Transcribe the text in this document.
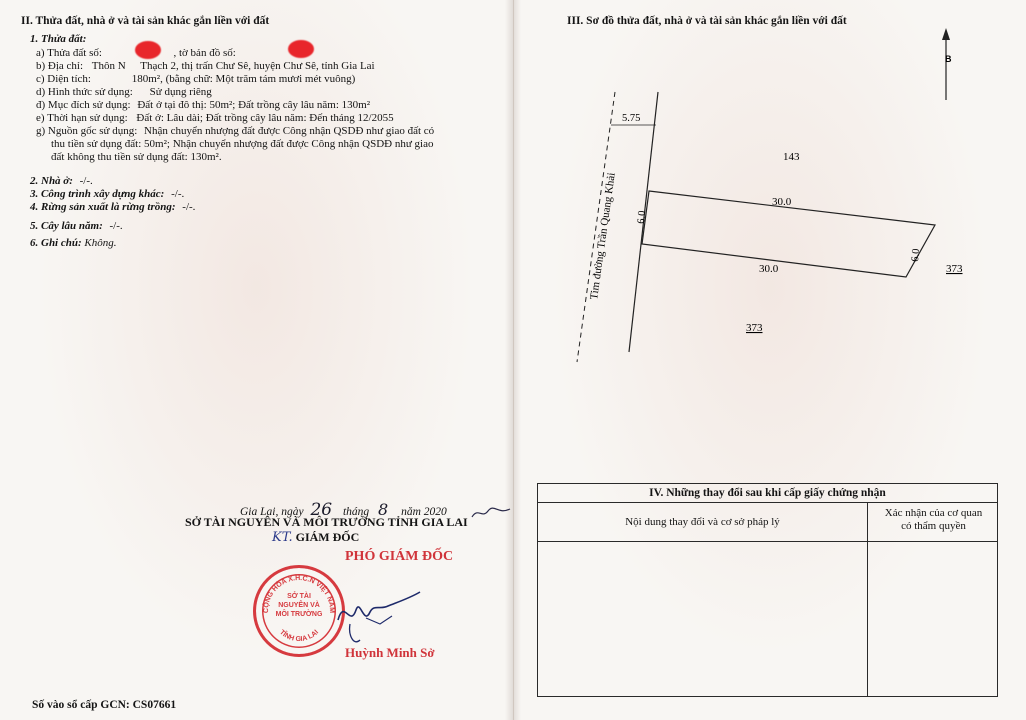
II. Thửa đất, nhà ở và tài sản khác gắn liền với đất
1. Thửa đất:
a) Thửa đất số:	, tờ bản đồ số:
b) Địa chỉ: Thôn N Thạch 2, thị trấn Chư Sê, huyện Chư Sê, tỉnh Gia Lai
c) Diện tích:	180m², (bằng chữ: Một trăm tám mươi mét vuông)
d) Hình thức sử dụng: Sử dụng riêng
đ) Mục đích sử dụng: Đất ở tại đô thị: 50m²; Đất trồng cây lâu năm: 130m²
e) Thời hạn sử dụng: Đất ở: Lâu dài; Đất trồng cây lâu năm: Đến tháng 12/2055
g) Nguồn gốc sử dụng: Nhận chuyển nhượng đất được Công nhận QSDĐ như giao đất có
thu tiền sử dụng đất: 50m²; Nhận chuyển nhượng đất được Công nhận QSDĐ như giao
đất không thu tiền sử dụng đất: 130m².
2. Nhà ở: -/-.
3. Công trình xây dựng khác: -/-.
4. Rừng sản xuất là rừng trồng: -/-.
5. Cây lâu năm: -/-.
6. Ghi chú: Không.
Gia Lai, ngày 26 tháng 8 năm 2020
SỞ TÀI NGUYÊN VÀ MÔI TRƯỜNG TỈNH GIA LAI
KT. GIÁM ĐỐC
PHÓ GIÁM ĐỐC
CỘNG HÒA X.H.C.N VIỆT NAM
TỈNH GIA LAI
SỞ TÀI NGUYÊN VÀ MÔI TRƯỜNG
Huỳnh Minh Sở
Số vào sổ cấp GCN: CS07661
III. Sơ đồ thửa đất, nhà ở và tài sản khác gắn liền với đất
B
5.75
Tim đường Trần Quang Khải 6.0
6.0
30.0
30.0
143
373
373
IV. Những thay đổi sau khi cấp giấy chứng nhận
Nội dung thay đổi và cơ sở pháp lý
Xác nhận của cơ quan
có thẩm quyền
